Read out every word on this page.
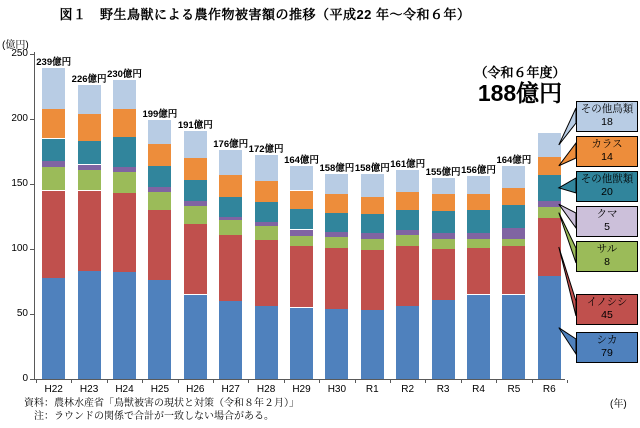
図１　野生鳥獣による農作物被害額の推移（平成22 年～令和６年）
(億円)
（令和６年度）
188億円
0
50
100
150
200
250
239億円
H22
226億円
H23
230億円
H24
199億円
H25
191億円
H26
176億円
H27
172億円
H28
164億円
H29
158億円
H30
158億円
R1
161億円
R2
155億円
R3
156億円
R4
164億円
R5	R6
その他鳥類
18
カラス
14
その他獣類
20
クマ
5
サル
8
イノシシ
45
シカ
79
(年)
資料：農林水産省「鳥獣被害の現状と対策（令和８年２月）」
注：ラウンドの関係で合計が一致しない場合がある。
